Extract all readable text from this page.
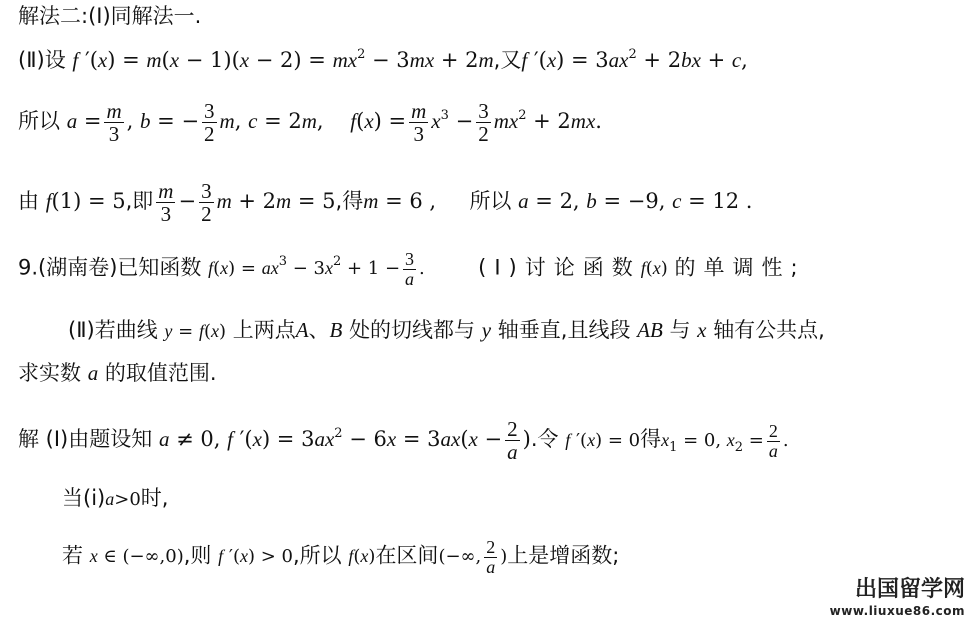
解法二:(Ⅰ)同解法一.
(Ⅱ)设 f $'(x) = m(x - 1)(x - 2) = mx^2 - 3mx + 2m$,又f $'(x) = 3ax^2 + 2bx + c$,
所以 $a = \frac{m}{3}$ , b = − $\frac{3}{2} m$, c = 2m,    $f(x) = \frac{m}{3} x^3 - \frac{3}{2} mx^2 + 2mx$.
由 f(1) = 5,即 $\frac{m}{3} - \frac{3}{2}$ m + 2m = 5,得m = 6 ,     所以 a = 2, b = −9, c = 12 .
9.(湖南卷)已知函数 $f(x) = ax^3 - 3x^2 + 1 - \frac{3}{a}$ .	(Ⅰ)讨论函数f(x) 的单调性;
(Ⅱ)若曲线 y = f(x) 上两点A、B 处的切线都与 y 轴垂直,且线段 AB 与 x 轴有公共点,
求实数 a 的取值范围.
解 (Ⅰ)由题设知 a ≠ 0, f $'(x) = 3ax^2 - 6x = 3ax(x - \frac{2}{a}$ ).令 f ′(x) = 0得$x_1 = 0$, $x_2 = \frac{2}{a}$ .
当(i)a>0时,
若 x ∈ (−∞,0),则 f ′(x) > 0,所以 f(x)在区间(−∞, $\frac{2}{a}$ )上是增函数;
出国留学网
www.liuxue86.com
